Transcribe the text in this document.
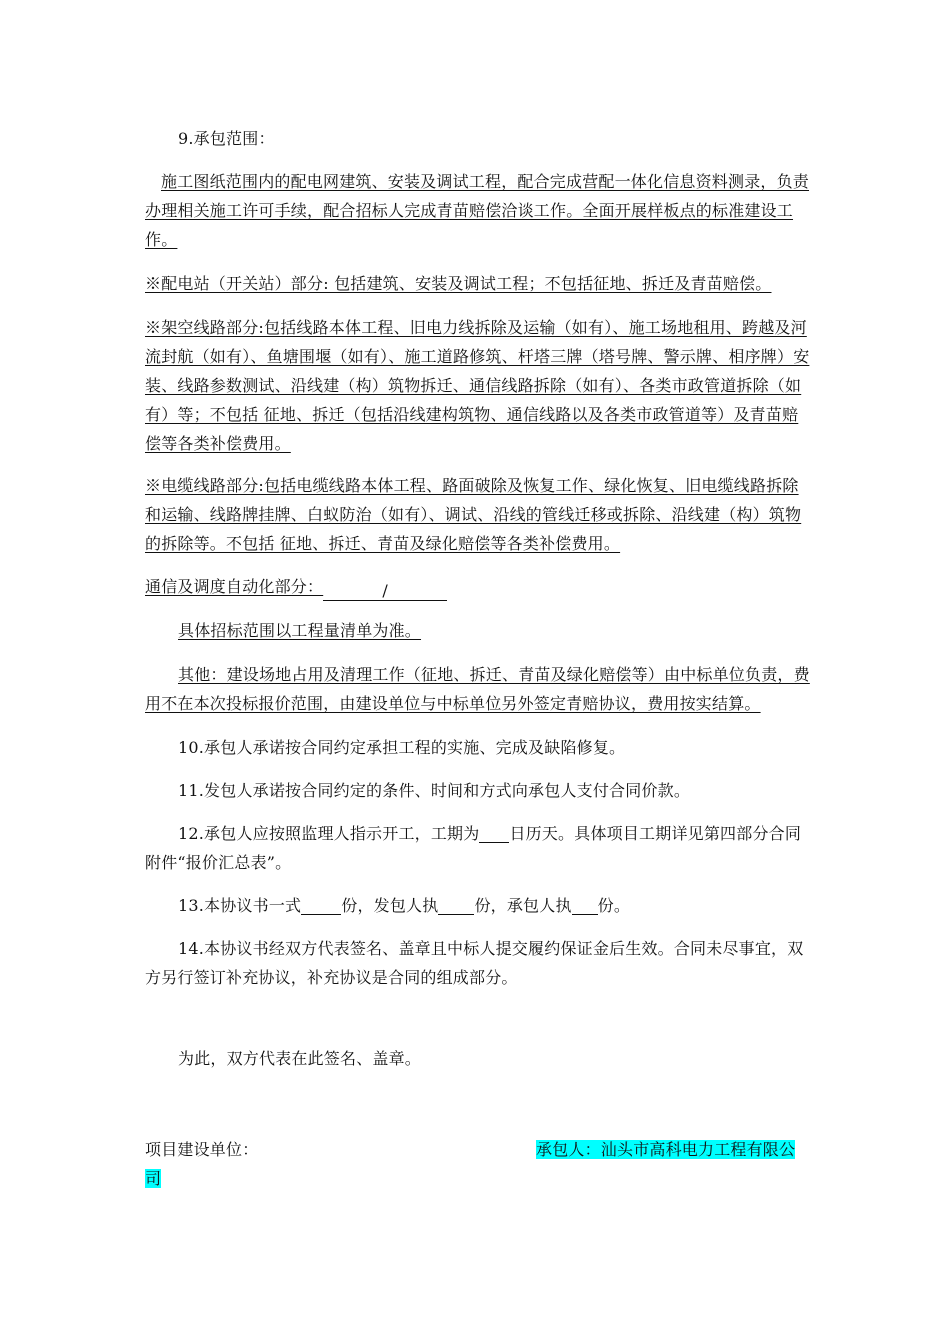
9.承包范围：

施工图纸范围内的配电网建筑、安装及调试工程，配合完成营配一体化信息资料测录，负责办理相关施工许可手续，配合招标人完成青苗赔偿洽谈工作。全面开展样板点的标准建设工作。

※配电站（开关站）部分: 包括建筑、安装及调试工程；不包括征地、拆迁及青苗赔偿。

※架空线路部分:包括线路本体工程、旧电力线拆除及运输（如有）、施工场地租用、跨越及河流封航（如有）、鱼塘围堰（如有）、施工道路修筑、杆塔三牌（塔号牌、警示牌、相序牌）安装、线路参数测试、沿线建（构）筑物拆迁、通信线路拆除（如有）、各类市政管道拆除（如有）等；不包括 征地、拆迁（包括沿线建构筑物、通信线路以及各类市政管道等）及青苗赔偿等各类补偿费用。

※电缆线路部分:包括电缆线路本体工程、路面破除及恢复工作、绿化恢复、旧电缆线路拆除和运输、线路牌挂牌、白蚁防治（如有）、调试、沿线的管线迁移或拆除、沿线建（构）筑物的拆除等。不包括 征地、拆迁、青苗及绿化赔偿等各类补偿费用。

通信及调度自动化部分：	/

具体招标范围以工程量清单为准。

其他：建设场地占用及清理工作（征地、拆迁、青苗及绿化赔偿等）由中标单位负责，费用不在本次投标报价范围，由建设单位与中标单位另外签定青赔协议，费用按实结算。

10.承包人承诺按合同约定承担工程的实施、完成及缺陷修复。

11.发包人承诺按合同约定的条件、时间和方式向承包人支付合同价款。

12.承包人应按照监理人指示开工，工期为 日历天。具体项目工期详见第四部分合同附件“报价汇总表”。

13.本协议书一式	份，发包人执 份，承包人执 份。

14.本协议书经双方代表签名、盖章且中标人提交履约保证金后生效。合同未尽事宜，双方另行签订补充协议，补充协议是合同的组成部分。

为此，双方代表在此签名、盖章。

项目建设单位：	承包人：汕头市高科电力工程有限公

司
